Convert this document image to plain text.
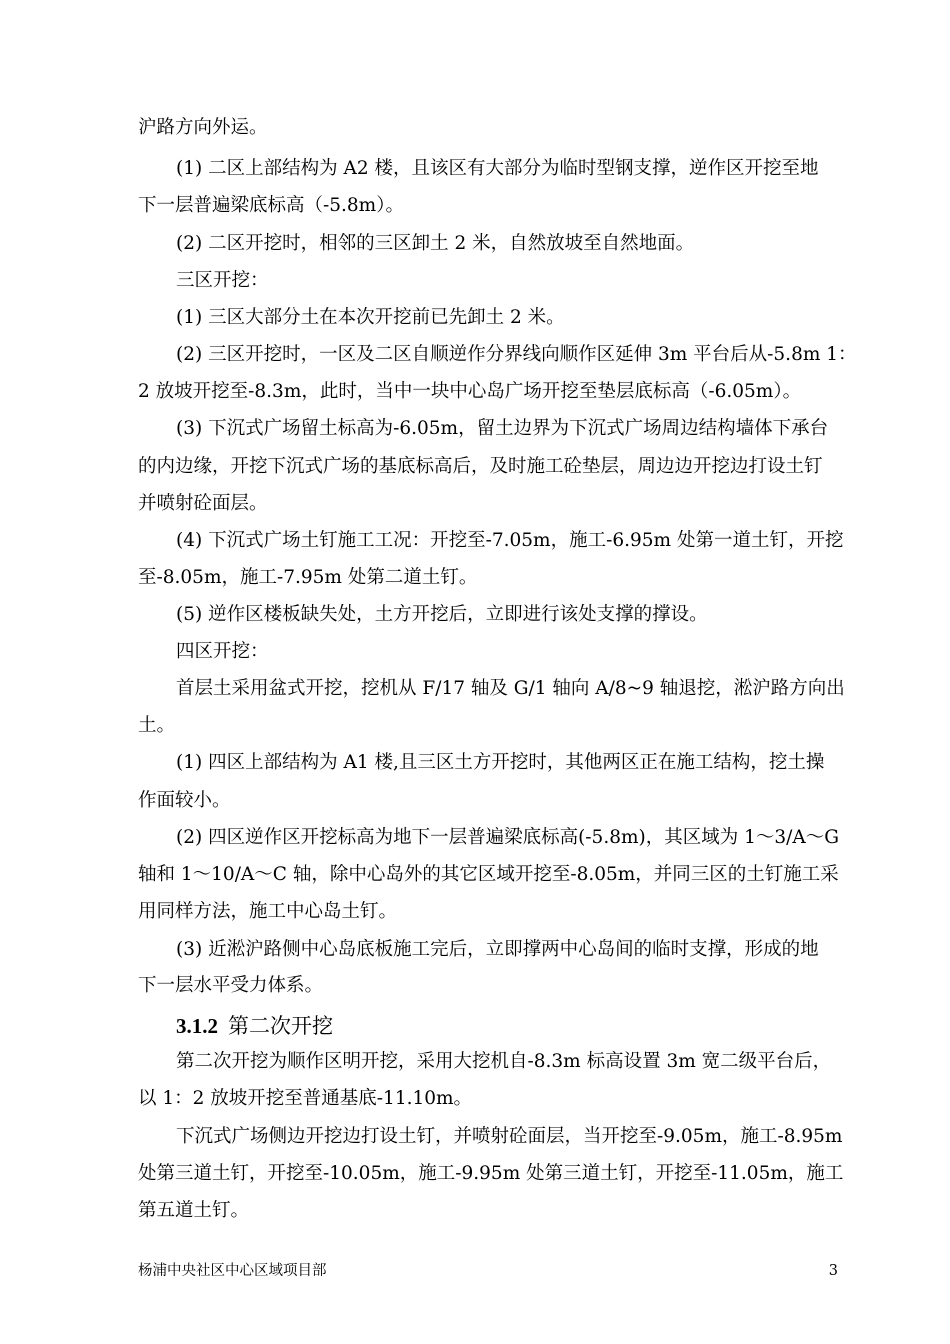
沪路方向外运。
(1) 二区上部结构为 A2 楼，且该区有大部分为临时型钢支撑，逆作区开挖至地
下一层普遍梁底标高（-5.8m）。
(2) 二区开挖时，相邻的三区卸土 2 米，自然放坡至自然地面。
三区开挖：
(1) 三区大部分土在本次开挖前已先卸土 2 米。
(2) 三区开挖时，一区及二区自顺逆作分界线向顺作区延伸 3m 平台后从-5.8m 1：
2 放坡开挖至-8.3m，此时，当中一块中心岛广场开挖至垫层底标高（-6.05m）。
(3) 下沉式广场留土标高为-6.05m，留土边界为下沉式广场周边结构墙体下承台
的内边缘，开挖下沉式广场的基底标高后，及时施工砼垫层，周边边开挖边打设土钉
并喷射砼面层。
(4) 下沉式广场土钉施工工况：开挖至-7.05m，施工-6.95m 处第一道土钉，开挖
至-8.05m，施工-7.95m 处第二道土钉。
(5) 逆作区楼板缺失处，土方开挖后，立即进行该处支撑的撑设。
四区开挖：
首层土采用盆式开挖，挖机从 F/17 轴及 G/1 轴向 A/8~9 轴退挖，淞沪路方向出
土。
(1) 四区上部结构为 A1 楼,且三区土方开挖时，其他两区正在施工结构，挖土操
作面较小。
(2) 四区逆作区开挖标高为地下一层普遍梁底标高(-5.8m)，其区域为 1～3/A～G
轴和 1～10/A～C 轴，除中心岛外的其它区域开挖至-8.05m，并同三区的土钉施工采
用同样方法，施工中心岛土钉。
(3) 近淞沪路侧中心岛底板施工完后，立即撑两中心岛间的临时支撑，形成的地
下一层水平受力体系。
3.1.2 第二次开挖
第二次开挖为顺作区明开挖，采用大挖机自-8.3m 标高设置 3m 宽二级平台后，
以 1：2 放坡开挖至普通基底-11.10m。
下沉式广场侧边开挖边打设土钉，并喷射砼面层，当开挖至-9.05m，施工-8.95m
处第三道土钉，开挖至-10.05m，施工-9.95m 处第三道土钉，开挖至-11.05m，施工
第五道土钉。
杨浦中央社区中心区域项目部	3
